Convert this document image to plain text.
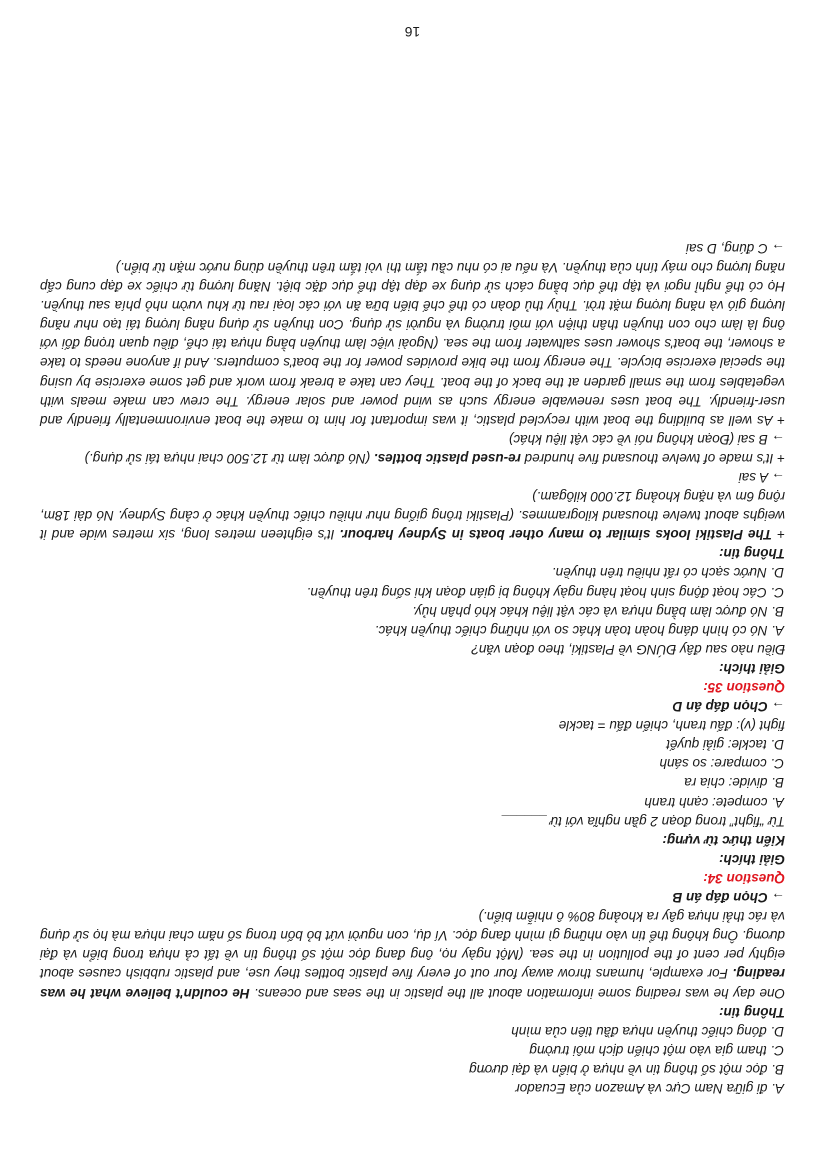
A. đi giữa Nam Cực và Amazon của Ecuador

B. đọc một số thông tin về nhựa ở biển và đại dương

C. tham gia vào một chiến dịch môi trường

D. đóng chiếc thuyền nhựa đầu tiên của mình

Thông tin:

One day he was reading some information about all the plastic in the seas and oceans. He couldn't believe what he was reading. For example, humans throw away four out of every five plastic bottles they use, and plastic rubbish causes about eighty per cent of the pollution in the sea. (Một ngày nọ, ông đang đọc một số thông tin về tất cả nhựa trong biển và đại dương. Ông không thể tin vào những gì mình đang đọc. Ví dụ, con người vứt bỏ bốn trong số năm chai nhựa mà họ sử dụng và rác thải nhựa gây ra khoảng 80% ô nhiễm biển.)

→ Chọn đáp án B

Question 34:

Giải thích:

Kiến thức từ vựng:

Từ “fight” trong đoạn 2 gần nghĩa với từ ______

A. compete: cạnh tranh

B. divide: chia ra

C. compare: so sánh

D. tackle: giải quyết

fight (v): đấu tranh, chiến đấu = tackle

→ Chọn đáp án D

Question 35:

Giải thích:

Điều nào sau đây ĐÚNG về Plastiki, theo đoạn văn?

A. Nó có hình dáng hoàn toàn khác so với những chiếc thuyền khác.

B. Nó được làm bằng nhựa và các vật liệu khác khó phân hủy.

C. Các hoạt động sinh hoạt hàng ngày không bị gián đoạn khi sống trên thuyền.

D. Nước sạch có rất nhiều trên thuyền.

Thông tin:

+ The Plastiki looks similar to many other boats in Sydney harbour. It's eighteen metres long, six metres wide and it weighs about twelve thousand kilogrammes. (Plastiki trông giống như nhiều chiếc thuyền khác ở cảng Sydney. Nó dài 18m, rộng 6m và nặng khoảng 12.000 kilôgam.)

→ A sai

+ It's made of twelve thousand five hundred re-used plastic bottles. (Nó được làm từ 12.500 chai nhựa tái sử dụng.)

→ B sai (Đoạn không nói về các vật liệu khác)

+ As well as building the boat with recycled plastic, it was important for him to make the boat environmentally friendly and user-friendly. The boat uses renewable energy such as wind power and solar energy. The crew can make meals with vegetables from the small garden at the back of the boat. They can take a break from work and get some exercise by using the special exercise bicycle. The energy from the bike provides power for the boat's computers. And if anyone needs to take a shower, the boat's shower uses saltwater from the sea. (Ngoài việc làm thuyền bằng nhựa tái chế, điều quan trọng đối với ông là làm cho con thuyền thân thiện với môi trường và người sử dụng. Con thuyền sử dụng năng lượng tái tạo như năng lượng gió và năng lượng mặt trời. Thủy thủ đoàn có thể chế biến bữa ăn với các loại rau từ khu vườn nhỏ phía sau thuyền. Họ có thể nghỉ ngơi và tập thể dục bằng cách sử dụng xe đạp tập thể dục đặc biệt. Năng lượng từ chiếc xe đạp cung cấp năng lượng cho máy tính của thuyền. Và nếu ai có nhu cầu tắm thì vòi tắm trên thuyền dùng nước mặn từ biển.)

→ C đúng, D sai

16
